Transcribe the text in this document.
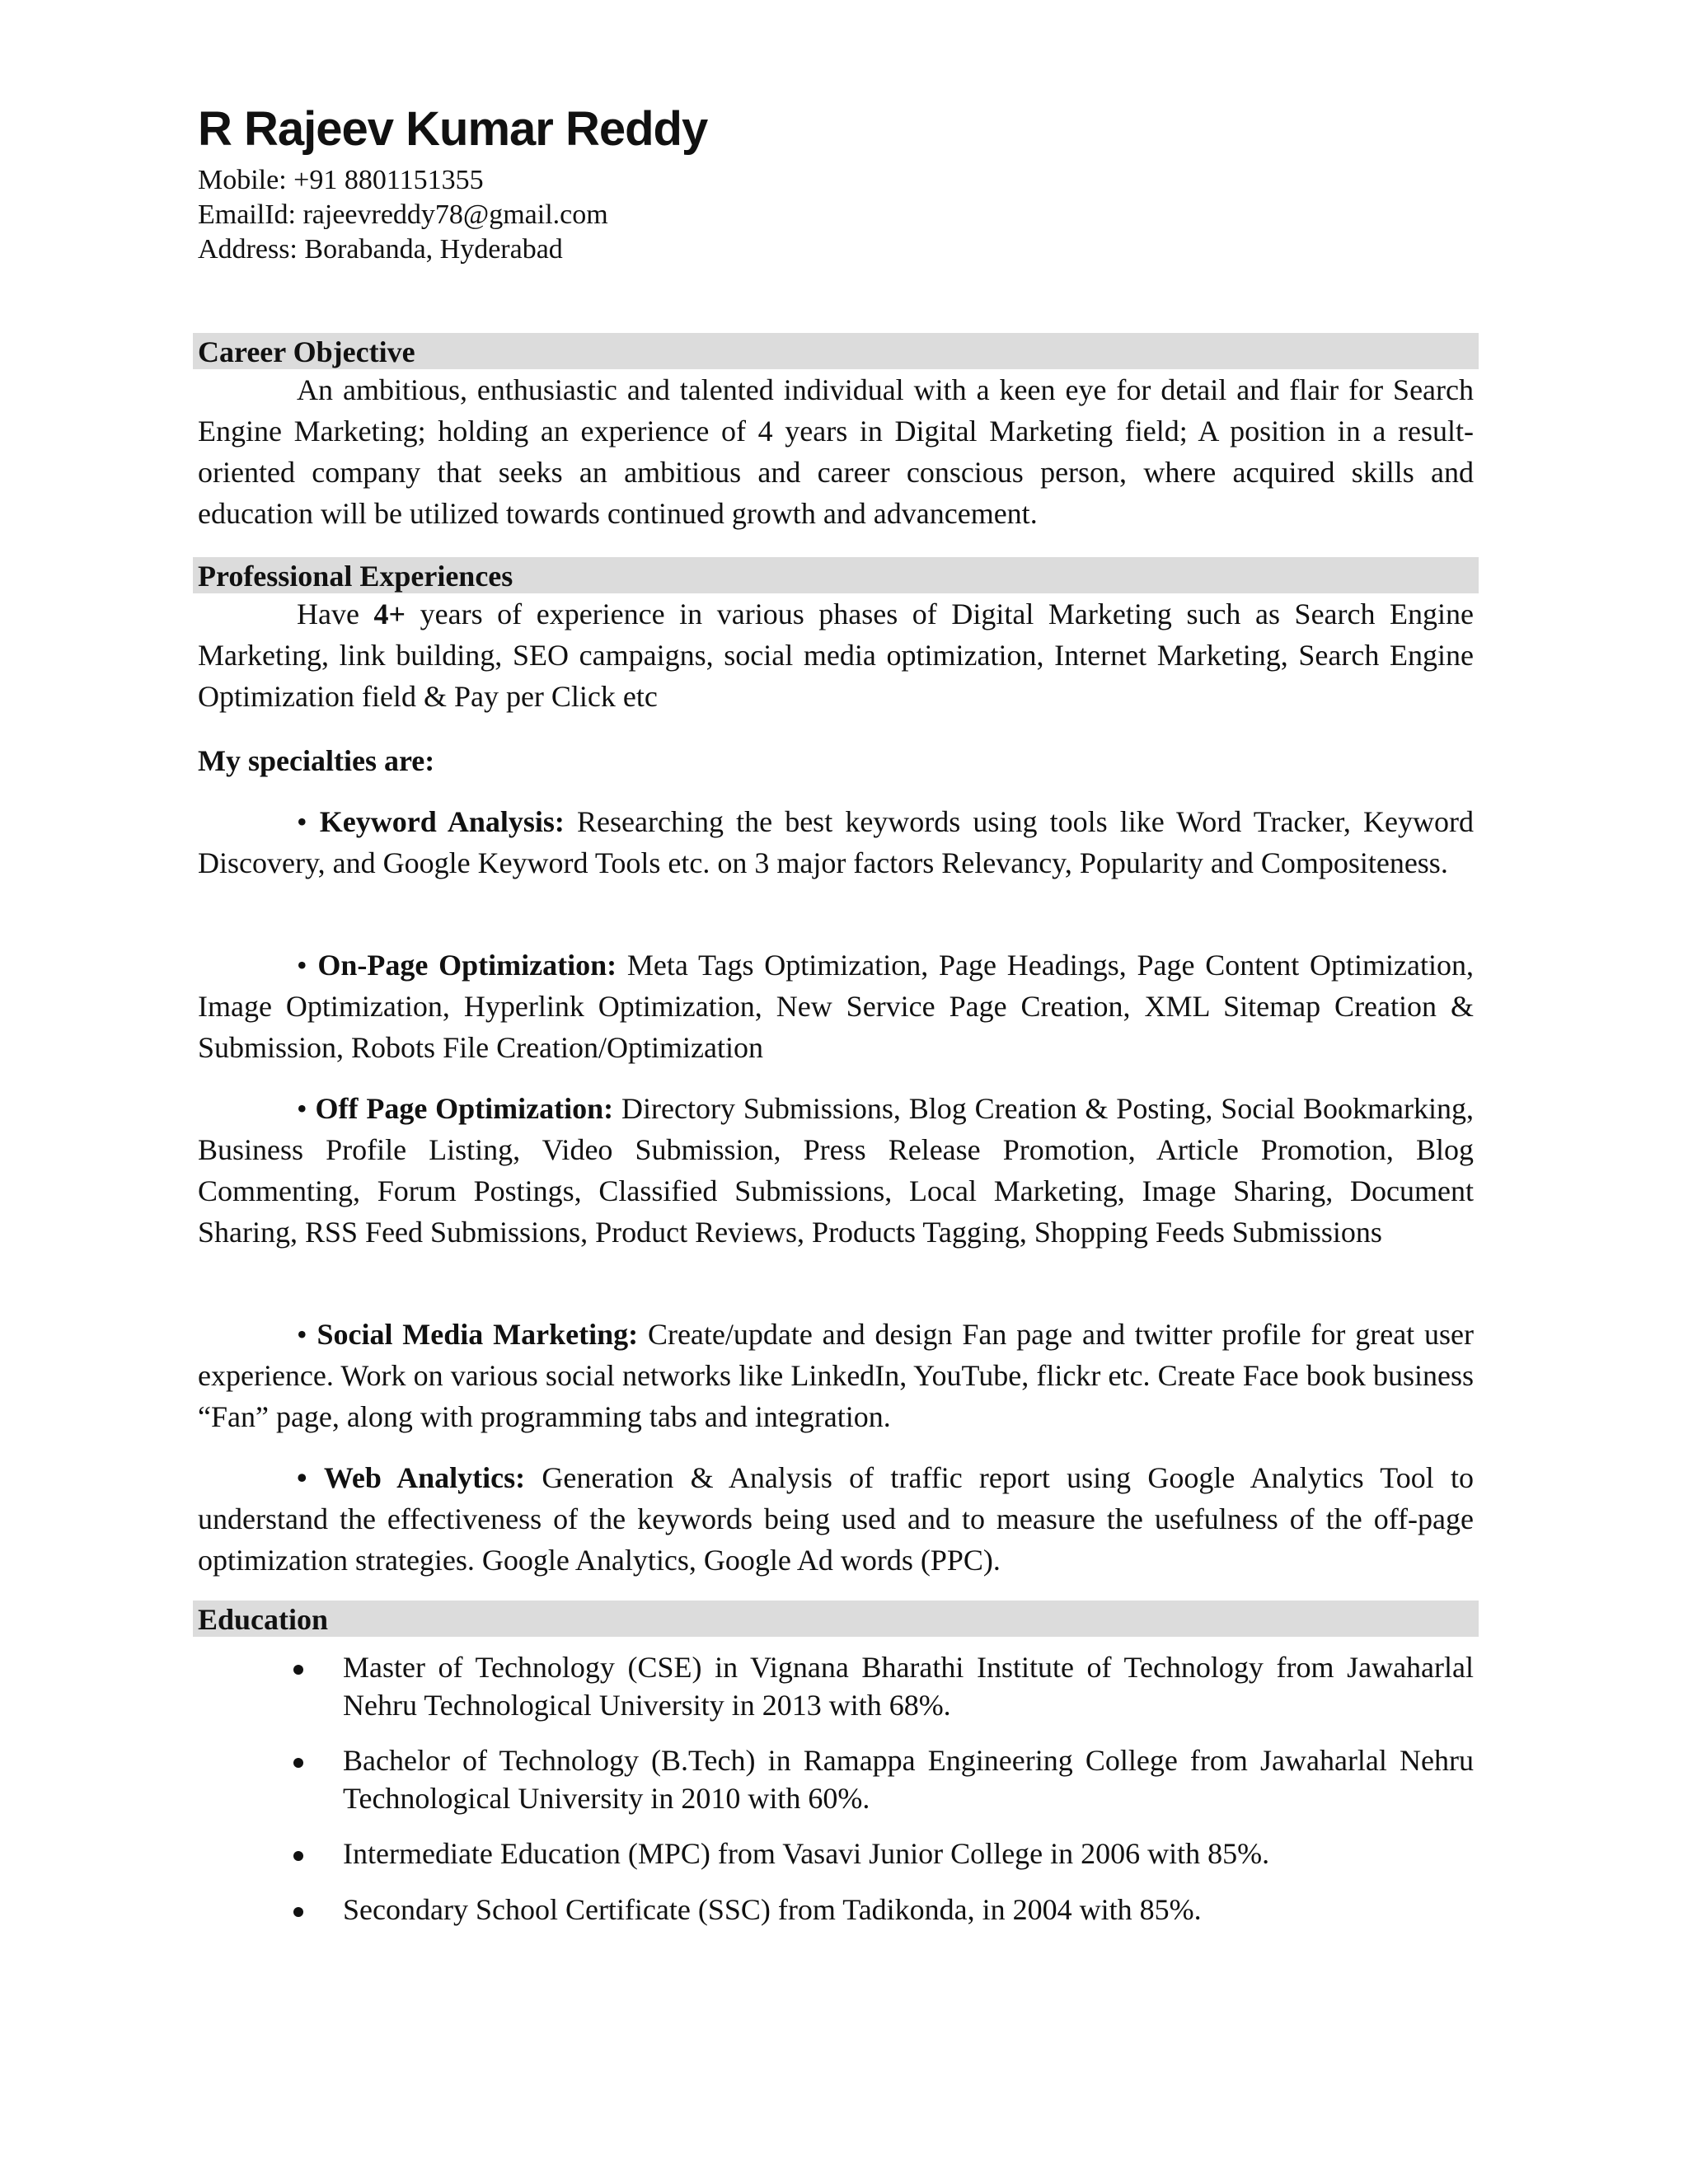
R Rajeev Kumar Reddy
Mobile: +91 8801151355
EmailId: rajeevreddy78@gmail.com
Address: Borabanda, Hyderabad
Career Objective
An ambitious, enthusiastic and talented individual with a keen eye for detail and flair for Search Engine Marketing; holding an experience of 4 years in Digital Marketing field; A position in a result-oriented company that seeks an ambitious and career conscious person, where acquired skills and education will be utilized towards continued growth and advancement.
Professional Experiences
Have 4+ years of experience in various phases of Digital Marketing such as Search Engine Marketing, link building, SEO campaigns, social media optimization, Internet Marketing, Search Engine Optimization field & Pay per Click etc
My specialties are:
• Keyword Analysis: Researching the best keywords using tools like Word Tracker, Keyword Discovery, and Google Keyword Tools etc. on 3 major factors Relevancy, Popularity and Compositeness.
• On-Page Optimization: Meta Tags Optimization, Page Headings, Page Content Optimization, Image Optimization, Hyperlink Optimization, New Service Page Creation, XML Sitemap Creation & Submission, Robots File Creation/Optimization
• Off Page Optimization: Directory Submissions, Blog Creation & Posting, Social Bookmarking, Business Profile Listing, Video Submission, Press Release Promotion, Article Promotion, Blog Commenting, Forum Postings, Classified Submissions, Local Marketing, Image Sharing, Document Sharing, RSS Feed Submissions, Product Reviews, Products Tagging, Shopping Feeds Submissions
• Social Media Marketing: Create/update and design Fan page and twitter profile for great user experience. Work on various social networks like LinkedIn, YouTube, flickr etc. Create Face book business “Fan” page, along with programming tabs and integration.
• Web Analytics: Generation & Analysis of traffic report using Google Analytics Tool to understand the effectiveness of the keywords being used and to measure the usefulness of the off-page optimization strategies. Google Analytics, Google Ad words (PPC).
Education
Master of Technology (CSE) in Vignana Bharathi Institute of Technology from Jawaharlal Nehru Technological University in 2013 with 68%.
Bachelor of Technology (B.Tech) in Ramappa Engineering College from Jawaharlal Nehru Technological University in 2010 with 60%.
Intermediate Education (MPC) from Vasavi Junior College in 2006 with 85%.
Secondary School Certificate (SSC) from Tadikonda, in 2004 with 85%.
